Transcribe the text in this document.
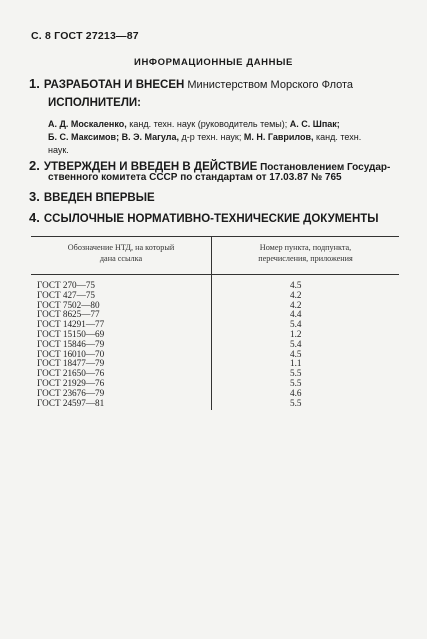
С. 8 ГОСТ 27213—87
ИНФОРМАЦИОННЫЕ ДАННЫЕ
1. РАЗРАБОТАН И ВНЕСЕН Министерством Морского Флота
ИСПОЛНИТЕЛИ:
А. Д. Москаленко, канд. техн. наук (руководитель темы); А. С. Шпак;
Б. С. Максимов; В. Э. Магула, д-р техн. наук; М. Н. Гаврилов, канд. техн.
наук.
2. УТВЕРЖДЕН И ВВЕДЕН В ДЕЙСТВИЕ Постановлением Государ-
ственного комитета СССР по стандартам от 17.03.87 № 765
3. ВВЕДЕН ВПЕРВЫЕ
4. ССЫЛОЧНЫЕ НОРМАТИВНО-ТЕХНИЧЕСКИЕ ДОКУМЕНТЫ
Обозначение НТД, на который
дана ссылка
Номер пункта, подпункта,
перечисления, приложения
ГОСТ 270—75
ГОСТ 427—75
ГОСТ 7502—80
ГОСТ 8625—77
ГОСТ 14291—77
ГОСТ 15150—69
ГОСТ 15846—79
ГОСТ 16010—70
ГОСТ 18477—79
ГОСТ 21650—76
ГОСТ 21929—76
ГОСТ 23676—79
ГОСТ 24597—81
4.5
4.2
4.2
4.4
5.4
1.2
5.4
4.5
1.1
5.5
5.5
4.6
5.5
